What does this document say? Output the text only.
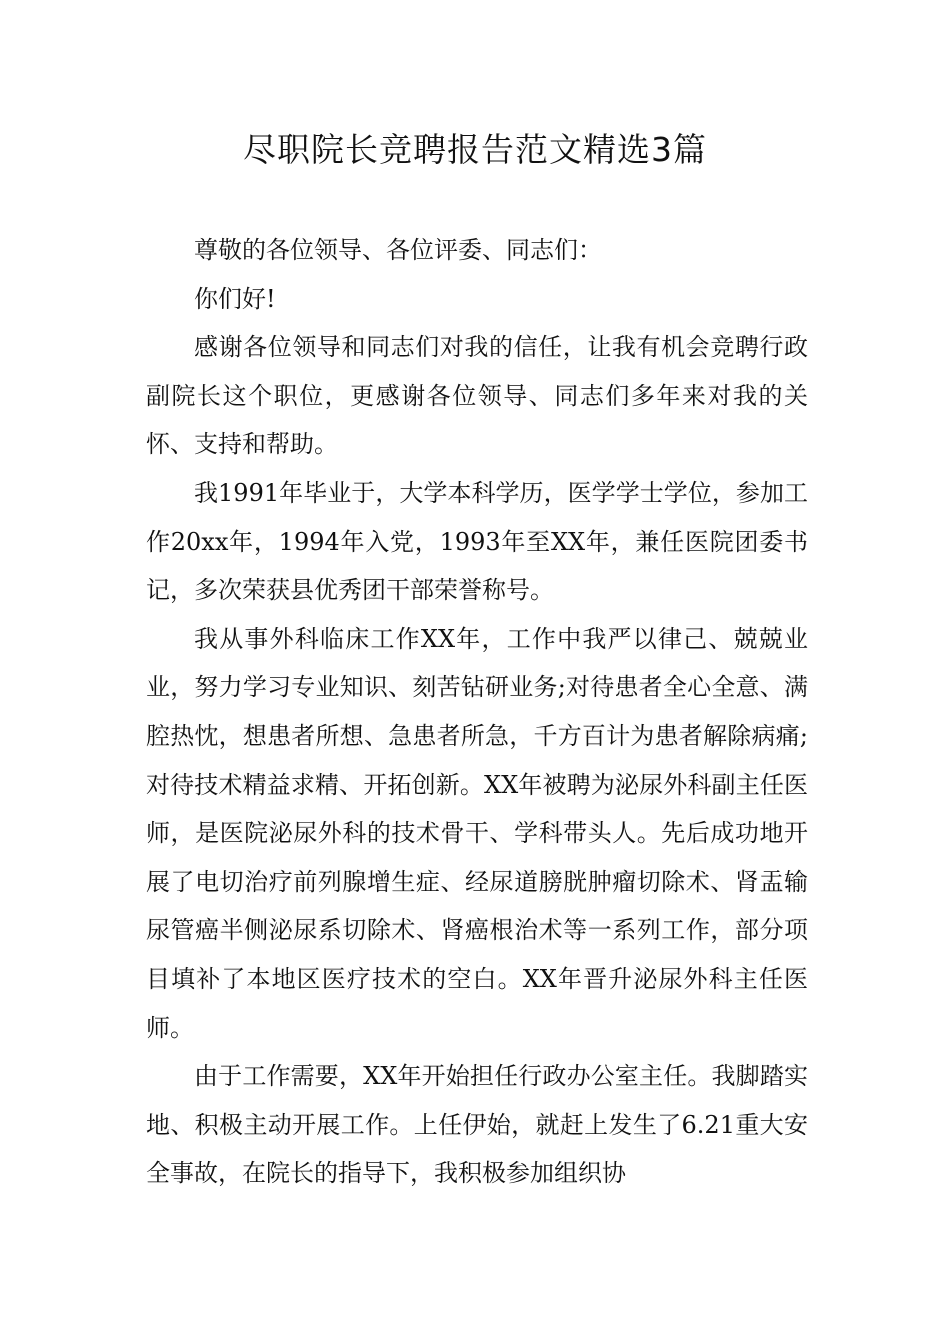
尽职院长竞聘报告范文精选3篇

尊敬的各位领导、各位评委、同志们：

你们好!

感谢各位领导和同志们对我的信任，让我有机会竞聘行政副院长这个职位，更感谢各位领导、同志们多年来对我的关怀、支持和帮助。

我1991年毕业于，大学本科学历，医学学士学位，参加工作20xx年，1994年入党，1993年至XX年，兼任医院团委书记，多次荣获县优秀团干部荣誉称号。

我从事外科临床工作XX年，工作中我严以律己、兢兢业业，努力学习专业知识、刻苦钻研业务;对待患者全心全意、满腔热忱，想患者所想、急患者所急，千方百计为患者解除病痛;对待技术精益求精、开拓创新。XX年被聘为泌尿外科副主任医师，是医院泌尿外科的技术骨干、学科带头人。先后成功地开展了电切治疗前列腺增生症、经尿道膀胱肿瘤切除术、肾盂输尿管癌半侧泌尿系切除术、肾癌根治术等一系列工作，部分项目填补了本地区医疗技术的空白。XX年晋升泌尿外科主任医师。

由于工作需要，XX年开始担任行政办公室主任。我脚踏实地、积极主动开展工作。上任伊始，就赶上发生了6.21重大安全事故，在院长的指导下，我积极参加组织协
